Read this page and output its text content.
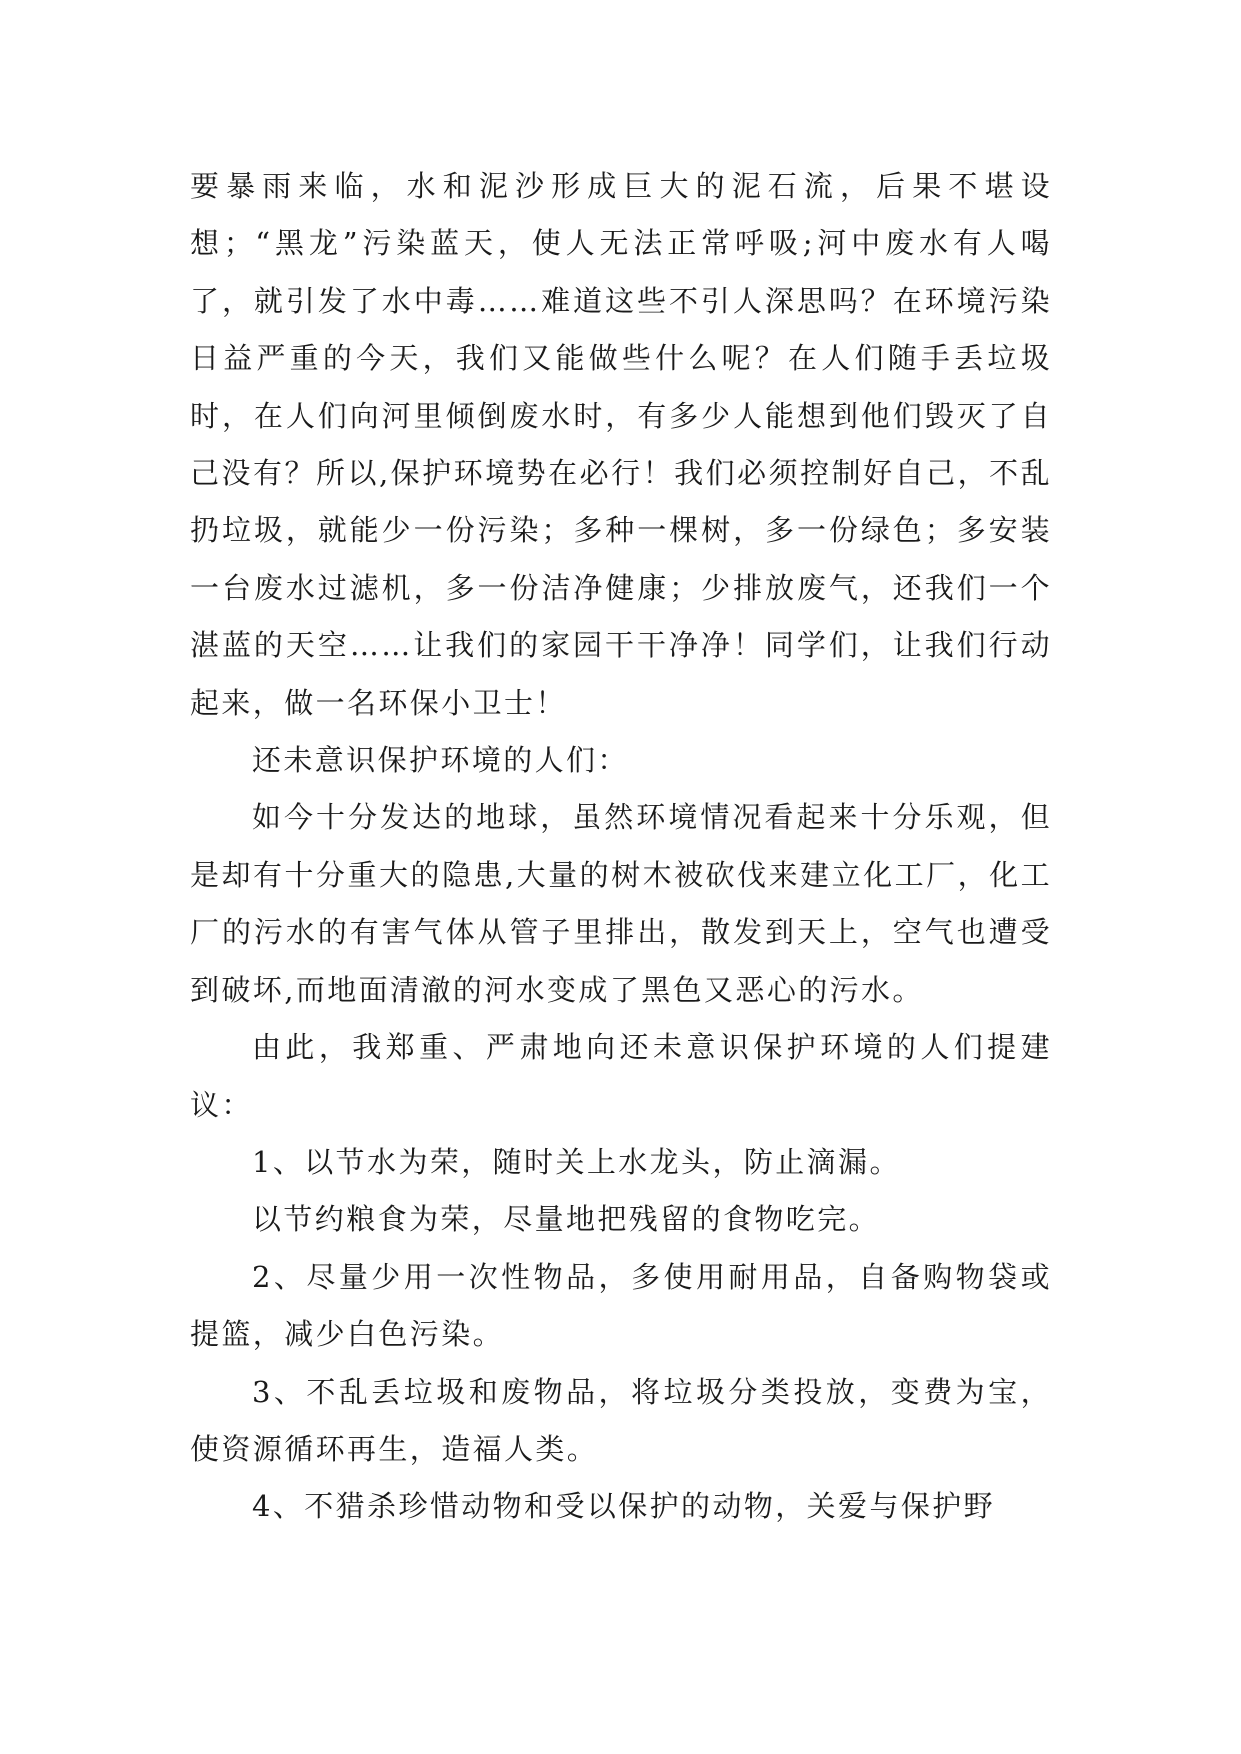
要暴雨来临，水和泥沙形成巨大的泥石流，后果不堪设想；“黑龙”污染蓝天，使人无法正常呼吸;河中废水有人喝了，就引发了水中毒……难道这些不引人深思吗？在环境污染日益严重的今天，我们又能做些什么呢？在人们随手丢垃圾时，在人们向河里倾倒废水时，有多少人能想到他们毁灭了自己没有？所以,保护环境势在必行！我们必须控制好自己，不乱扔垃圾，就能少一份污染；多种一棵树，多一份绿色；多安装一台废水过滤机，多一份洁净健康；少排放废气，还我们一个湛蓝的天空……让我们的家园干干净净！同学们，让我们行动起来，做一名环保小卫士！

还未意识保护环境的人们：

如今十分发达的地球，虽然环境情况看起来十分乐观，但是却有十分重大的隐患,大量的树木被砍伐来建立化工厂，化工厂的污水的有害气体从管子里排出，散发到天上，空气也遭受到破坏,而地面清澈的河水变成了黑色又恶心的污水。

由此，我郑重、严肃地向还未意识保护环境的人们提建议：

1、以节水为荣，随时关上水龙头，防止滴漏。

以节约粮食为荣，尽量地把残留的食物吃完。

2、尽量少用一次性物品，多使用耐用品，自备购物袋或提篮，减少白色污染。

3、不乱丢垃圾和废物品，将垃圾分类投放，变费为宝，使资源循环再生，造福人类。

4、不猎杀珍惜动物和受以保护的动物，关爱与保护野
